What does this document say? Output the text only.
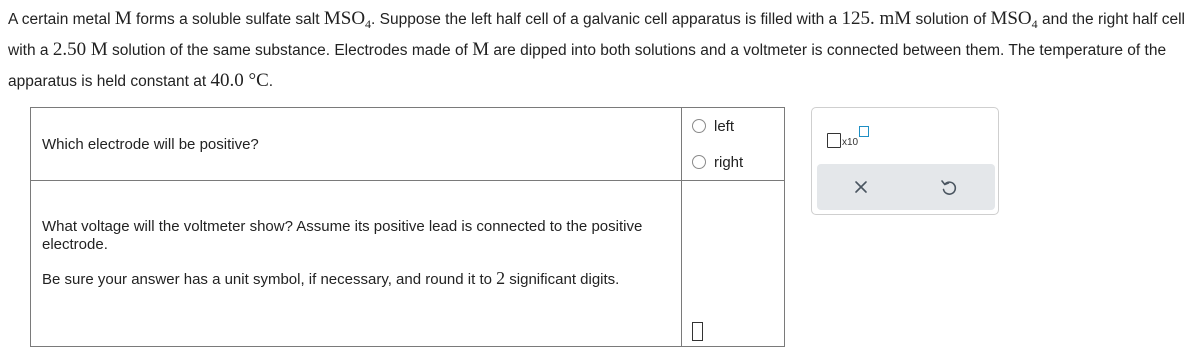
A certain metal M forms a soluble sulfate salt $MSO_4$. Suppose the left half cell of a galvanic cell apparatus is filled with a 125. mM solution of $MSO_4$ and the right half cell with a 2.50 M solution of the same substance. Electrodes made of M are dipped into both solutions and a voltmeter is connected between them. The temperature of the apparatus is held constant at 40.0 °C.
Which electrode will be positive?
left
right
What voltage will the voltmeter show? Assume its positive lead is connected to the positive electrode.
Be sure your answer has a unit symbol, if necessary, and round it to 2 significant digits.
x10
